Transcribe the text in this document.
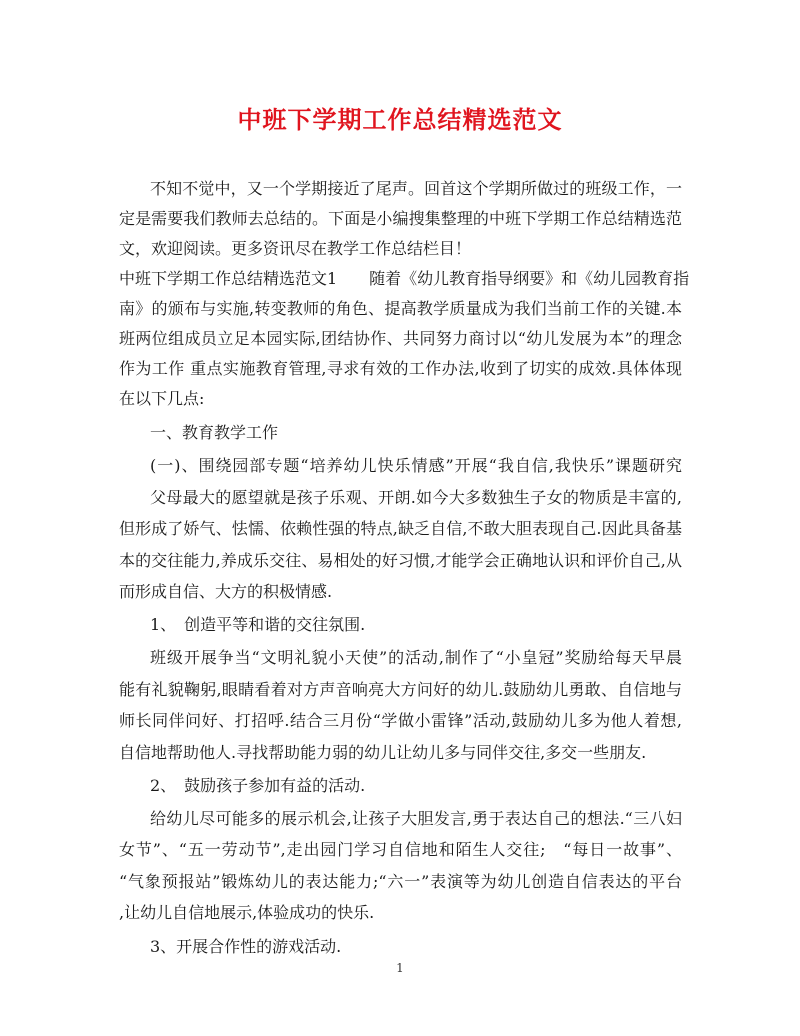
中班下学期工作总结精选范文
不知不觉中，又一个学期接近了尾声。回首这个学期所做过的班级工作，一
定是需要我们教师去总结的。下面是小编搜集整理的中班下学期工作总结精选范
文，欢迎阅读。更多资讯尽在教学工作总结栏目！
中班下学期工作总结精选范文1　　随着《幼儿教育指导纲要》和《幼儿园教育指
南》的颁布与实施,转变教师的角色、提高教学质量成为我们当前工作的关键.本
班两位组成员立足本园实际,团结协作、共同努力商讨以“幼儿发展为本”的理念
作为工作 重点实施教育管理,寻求有效的工作办法,收到了切实的成效.具体体现
在以下几点:
一、教育教学工作
(一)、围绕园部专题“培养幼儿快乐情感”开展“我自信,我快乐”课题研究
父母最大的愿望就是孩子乐观、开朗.如今大多数独生子女的物质是丰富的,
但形成了娇气、怯懦、依赖性强的特点,缺乏自信,不敢大胆表现自己.因此具备基
本的交往能力,养成乐交往、易相处的好习惯,才能学会正确地认识和评价自己,从
而形成自信、大方的积极情感.
1、　创造平等和谐的交往氛围.
班级开展争当“文明礼貌小天使”的活动,制作了“小皇冠”奖励给每天早晨
能有礼貌鞠躬,眼睛看着对方声音响亮大方问好的幼儿.鼓励幼儿勇敢、自信地与
师长同伴问好、打招呼.结合三月份“学做小雷锋”活动,鼓励幼儿多为他人着想,
自信地帮助他人.寻找帮助能力弱的幼儿让幼儿多与同伴交往,多交一些朋友.
2、　鼓励孩子参加有益的活动.
给幼儿尽可能多的展示机会,让孩子大胆发言,勇于表达自己的想法.“三八妇
女节”、“五一劳动节”,走出园门学习自信地和陌生人交往;　“每日一故事”、
“气象预报站”锻炼幼儿的表达能力;“六一”表演等为幼儿创造自信表达的平台
,让幼儿自信地展示,体验成功的快乐.
3、开展合作性的游戏活动.
1
